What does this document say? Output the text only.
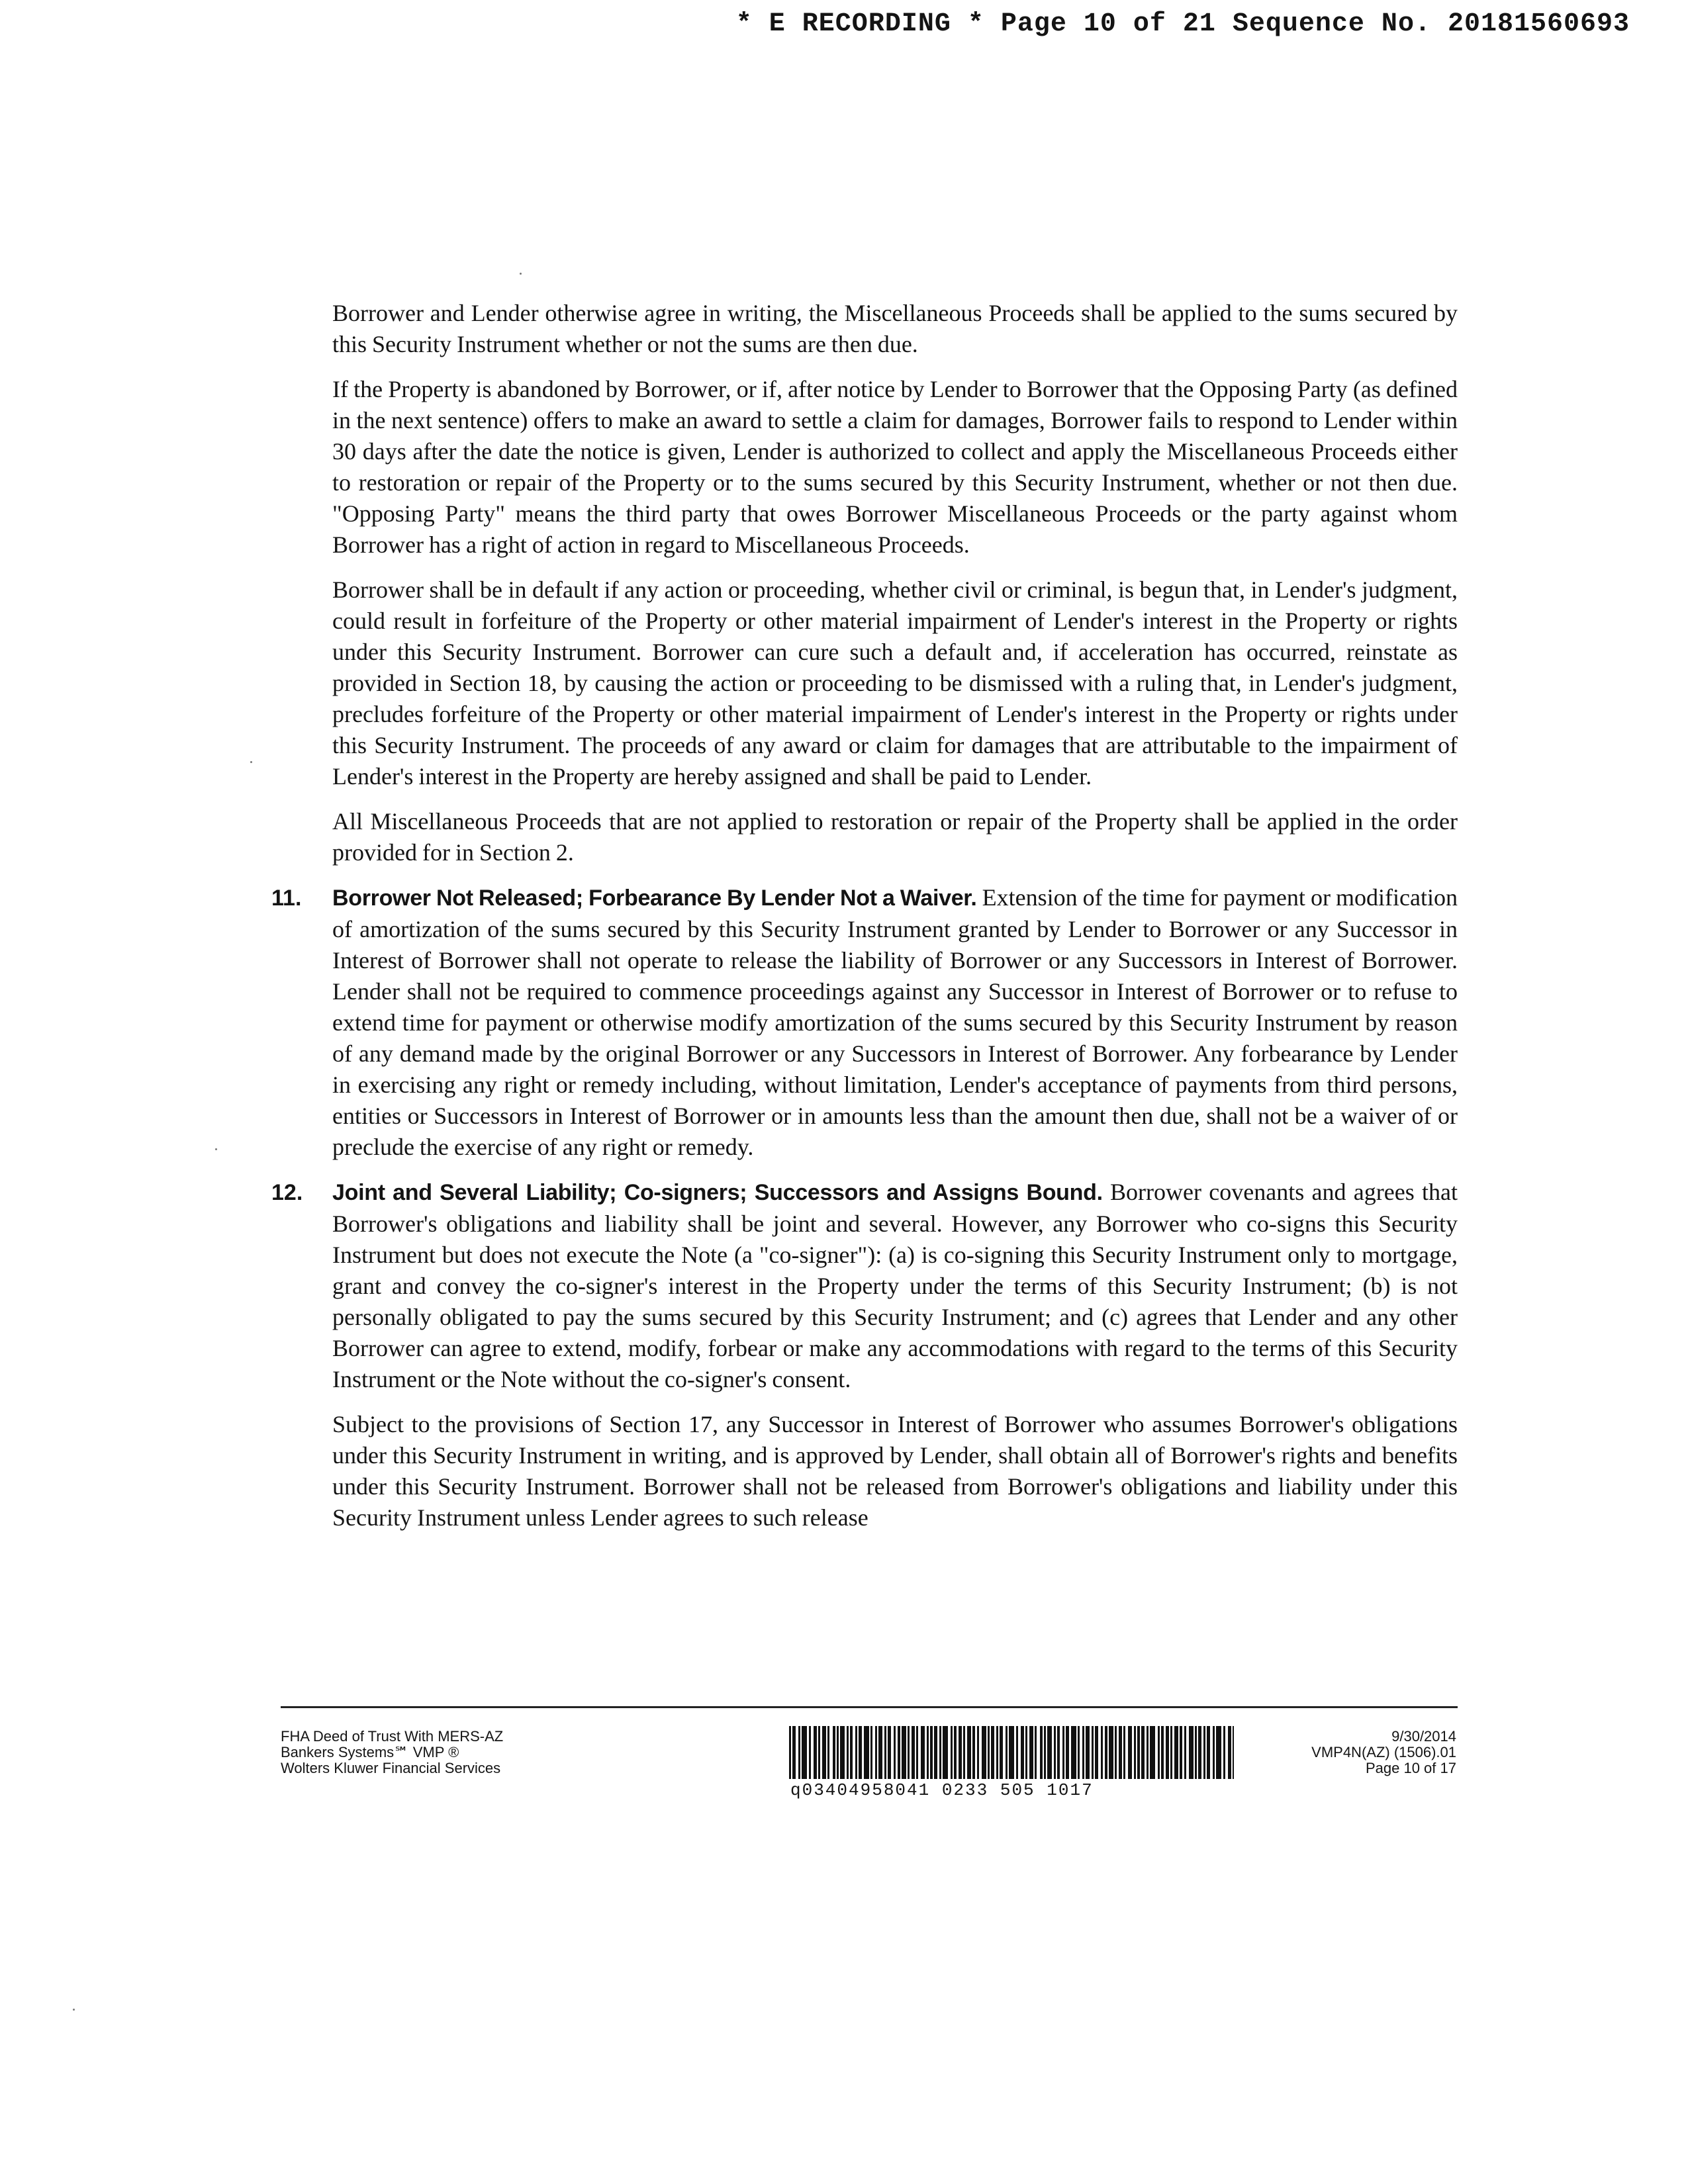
* E RECORDING * Page 10 of 21 Sequence No. 20181560693

Borrower and Lender otherwise agree in writing, the Miscellaneous Proceeds shall be applied to the sums secured by this Security Instrument whether or not the sums are then due.

If the Property is abandoned by Borrower, or if, after notice by Lender to Borrower that the Opposing Party (as defined in the next sentence) offers to make an award to settle a claim for damages, Borrower fails to respond to Lender within 30 days after the date the notice is given, Lender is authorized to collect and apply the Miscellaneous Proceeds either to restoration or repair of the Property or to the sums secured by this Security Instrument, whether or not then due. "Opposing Party" means the third party that owes Borrower Miscellaneous Proceeds or the party against whom Borrower has a right of action in regard to Miscellaneous Proceeds.

Borrower shall be in default if any action or proceeding, whether civil or criminal, is begun that, in Lender's judgment, could result in forfeiture of the Property or other material impairment of Lender's interest in the Property or rights under this Security Instrument. Borrower can cure such a default and, if acceleration has occurred, reinstate as provided in Section 18, by causing the action or proceeding to be dismissed with a ruling that, in Lender's judgment, precludes forfeiture of the Property or other material impairment of Lender's interest in the Property or rights under this Security Instrument. The proceeds of any award or claim for damages that are attributable to the impairment of Lender's interest in the Property are hereby assigned and shall be paid to Lender.

All Miscellaneous Proceeds that are not applied to restoration or repair of the Property shall be applied in the order provided for in Section 2.

11. Borrower Not Released; Forbearance By Lender Not a Waiver. Extension of the time for payment or modification of amortization of the sums secured by this Security Instrument granted by Lender to Borrower or any Successor in Interest of Borrower shall not operate to release the liability of Borrower or any Successors in Interest of Borrower. Lender shall not be required to commence proceedings against any Successor in Interest of Borrower or to refuse to extend time for payment or otherwise modify amortization of the sums secured by this Security Instrument by reason of any demand made by the original Borrower or any Successors in Interest of Borrower. Any forbearance by Lender in exercising any right or remedy including, without limitation, Lender's acceptance of payments from third persons, entities or Successors in Interest of Borrower or in amounts less than the amount then due, shall not be a waiver of or preclude the exercise of any right or remedy.
12. Joint and Several Liability; Co-signers; Successors and Assigns Bound. Borrower covenants and agrees that Borrower's obligations and liability shall be joint and several. However, any Borrower who co-signs this Security Instrument but does not execute the Note (a "co-signer"): (a) is co-signing this Security Instrument only to mortgage, grant and convey the co-signer's interest in the Property under the terms of this Security Instrument; (b) is not personally obligated to pay the sums secured by this Security Instrument; and (c) agrees that Lender and any other Borrower can agree to extend, modify, forbear or make any accommodations with regard to the terms of this Security Instrument or the Note without the co-signer's consent.

Subject to the provisions of Section 17, any Successor in Interest of Borrower who assumes Borrower's obligations under this Security Instrument in writing, and is approved by Lender, shall obtain all of Borrower's rights and benefits under this Security Instrument. Borrower shall not be released from Borrower's obligations and liability under this Security Instrument unless Lender agrees to such release

FHA Deed of Trust With MERS-AZ
Bankers Systems℠ VMP ®
Wolters Kluwer Financial Services
q03404958041 0233 505 1017
9/30/2014
VMP4N(AZ) (1506).01
Page 10 of 17
